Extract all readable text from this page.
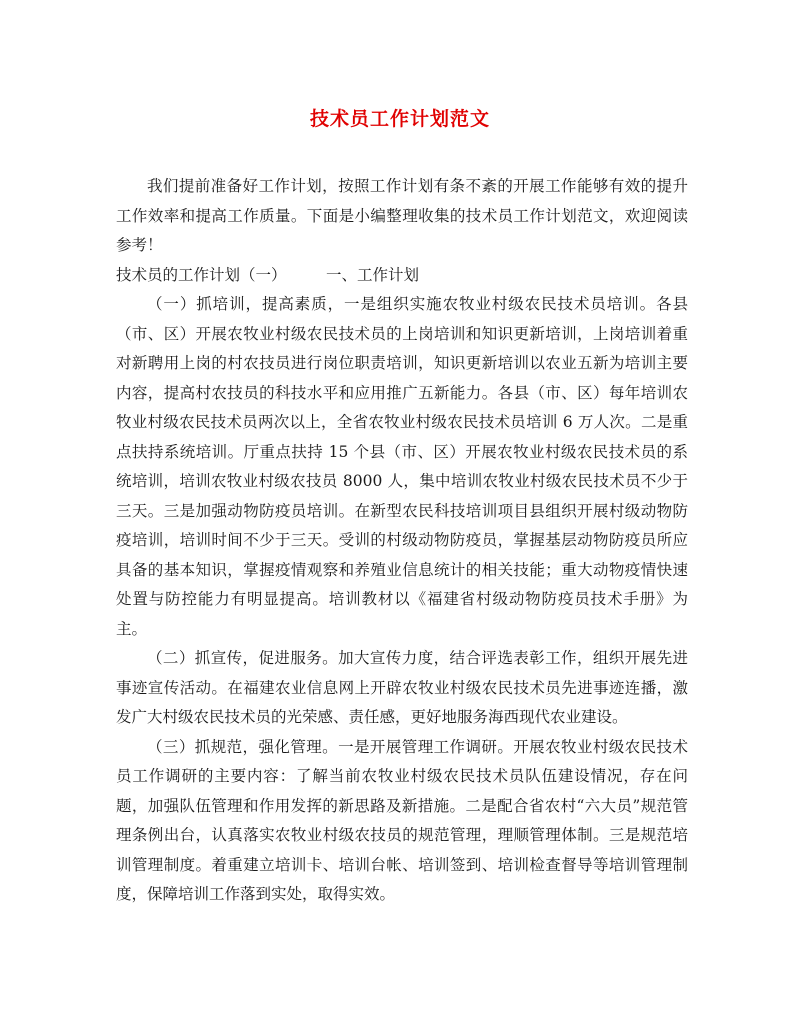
技术员工作计划范文

我们提前准备好工作计划，按照工作计划有条不紊的开展工作能够有效的提升工作效率和提高工作质量。下面是小编整理收集的技术员工作计划范文，欢迎阅读参考！

技术员的工作计划（一）	一、工作计划

（一）抓培训，提高素质，一是组织实施农牧业村级农民技术员培训。各县（市、区）开展农牧业村级农民技术员的上岗培训和知识更新培训，上岗培训着重对新聘用上岗的村农技员进行岗位职责培训，知识更新培训以农业五新为培训主要内容，提高村农技员的科技水平和应用推广五新能力。各县（市、区）每年培训农牧业村级农民技术员两次以上，全省农牧业村级农民技术员培训 6 万人次。二是重点扶持系统培训。厅重点扶持 15 个县（市、区）开展农牧业村级农民技术员的系统培训，培训农牧业村级农技员 8000 人，集中培训农牧业村级农民技术员不少于三天。三是加强动物防疫员培训。在新型农民科技培训项目县组织开展村级动物防疫培训，培训时间不少于三天。受训的村级动物防疫员，掌握基层动物防疫员所应具备的基本知识，掌握疫情观察和养殖业信息统计的相关技能；重大动物疫情快速处置与防控能力有明显提高。培训教材以《福建省村级动物防疫员技术手册》为主。

（二）抓宣传，促进服务。加大宣传力度，结合评选表彰工作，组织开展先进事迹宣传活动。在福建农业信息网上开辟农牧业村级农民技术员先进事迹连播，激发广大村级农民技术员的光荣感、责任感，更好地服务海西现代农业建设。

（三）抓规范，强化管理。一是开展管理工作调研。开展农牧业村级农民技术员工作调研的主要内容：了解当前农牧业村级农民技术员队伍建设情况，存在问题，加强队伍管理和作用发挥的新思路及新措施。二是配合省农村“六大员”规范管理条例出台，认真落实农牧业村级农技员的规范管理，理顺管理体制。三是规范培训管理制度。着重建立培训卡、培训台帐、培训签到、培训检查督导等培训管理制度，保障培训工作落到实处，取得实效。
